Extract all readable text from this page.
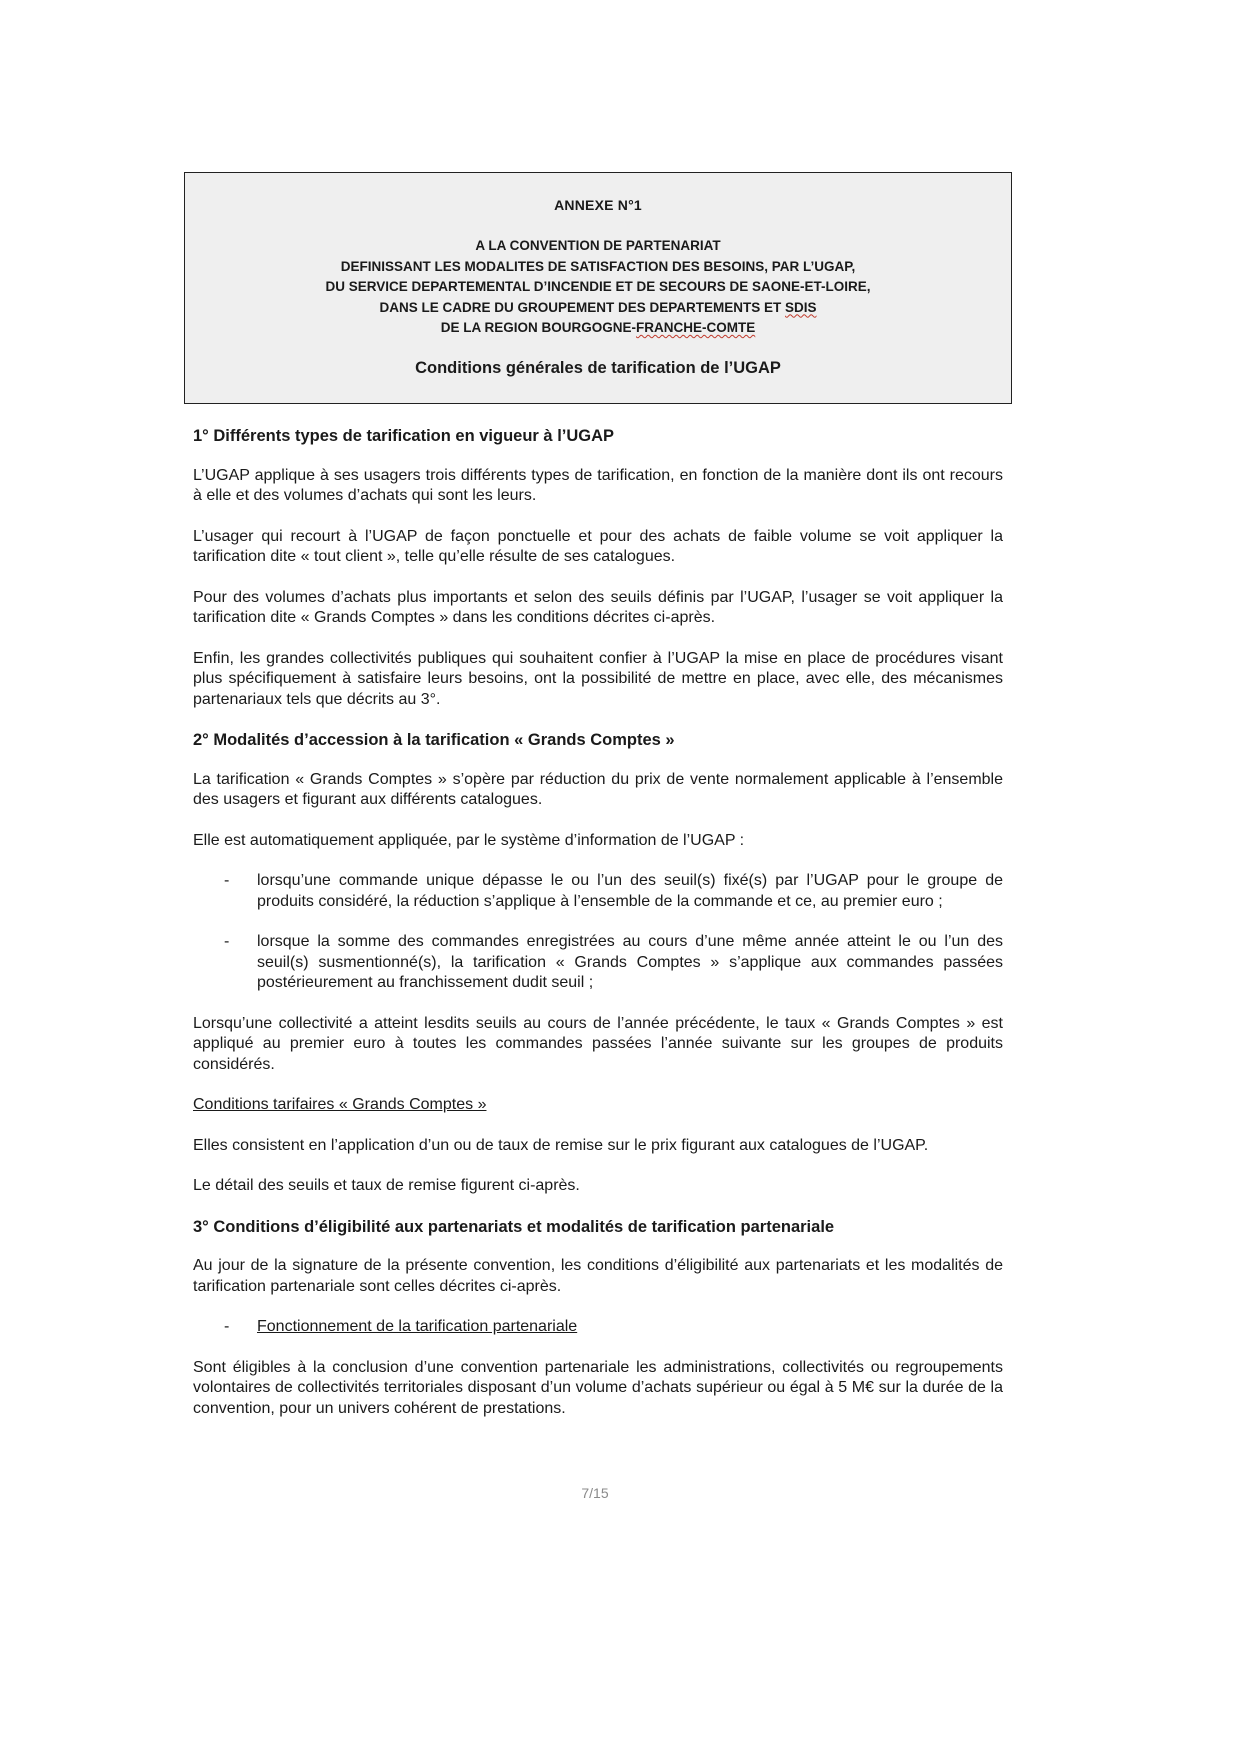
ANNEXE N°1
A LA CONVENTION DE PARTENARIAT
DEFINISSANT LES MODALITES DE SATISFACTION DES BESOINS, PAR L’UGAP,
DU SERVICE DEPARTEMENTAL D’INCENDIE ET DE SECOURS DE SAONE-ET-LOIRE,
DANS LE CADRE DU GROUPEMENT DES DEPARTEMENTS ET SDIS
DE LA REGION BOURGOGNE-FRANCHE-COMTE
Conditions générales de tarification de l’UGAP
1° Différents types de tarification en vigueur à l’UGAP

L’UGAP applique à ses usagers trois différents types de tarification, en fonction de la manière dont ils ont recours à elle et des volumes d’achats qui sont les leurs.

L’usager qui recourt à l’UGAP de façon ponctuelle et pour des achats de faible volume se voit appliquer la tarification dite « tout client », telle qu’elle résulte de ses catalogues.

Pour des volumes d’achats plus importants et selon des seuils définis par l’UGAP, l’usager se voit appliquer la tarification dite « Grands Comptes » dans les conditions décrites ci-après.

Enfin, les grandes collectivités publiques qui souhaitent confier à l’UGAP la mise en place de procédures visant plus spécifiquement à satisfaire leurs besoins, ont la possibilité de mettre en place, avec elle, des mécanismes partenariaux tels que décrits au 3°.

2° Modalités d’accession à la tarification « Grands Comptes »

La tarification « Grands Comptes » s’opère par réduction du prix de vente normalement applicable à l’ensemble des usagers et figurant aux différents catalogues.

Elle est automatiquement appliquée, par le système d’information de l’UGAP :

- lorsqu’une commande unique dépasse le ou l’un des seuil(s) fixé(s) par l’UGAP pour le groupe de produits considéré, la réduction s’applique à l’ensemble de la commande et ce, au premier euro ;
- lorsque la somme des commandes enregistrées au cours d’une même année atteint le ou l’un des seuil(s) susmentionné(s), la tarification « Grands Comptes » s’applique aux commandes passées postérieurement au franchissement dudit seuil ;

Lorsqu’une collectivité a atteint lesdits seuils au cours de l’année précédente, le taux « Grands Comptes » est appliqué au premier euro à toutes les commandes passées l’année suivante sur les groupes de produits considérés.

Conditions tarifaires « Grands Comptes »

Elles consistent en l’application d’un ou de taux de remise sur le prix figurant aux catalogues de l’UGAP.

Le détail des seuils et taux de remise figurent ci-après.

3° Conditions d’éligibilité aux partenariats et modalités de tarification partenariale

Au jour de la signature de la présente convention, les conditions d’éligibilité aux partenariats et les modalités de tarification partenariale sont celles décrites ci-après.

- Fonctionnement de la tarification partenariale

Sont éligibles à la conclusion d’une convention partenariale les administrations, collectivités ou regroupements volontaires de collectivités territoriales disposant d’un volume d’achats supérieur ou égal à 5 M€ sur la durée de la convention, pour un univers cohérent de prestations.

7/15
